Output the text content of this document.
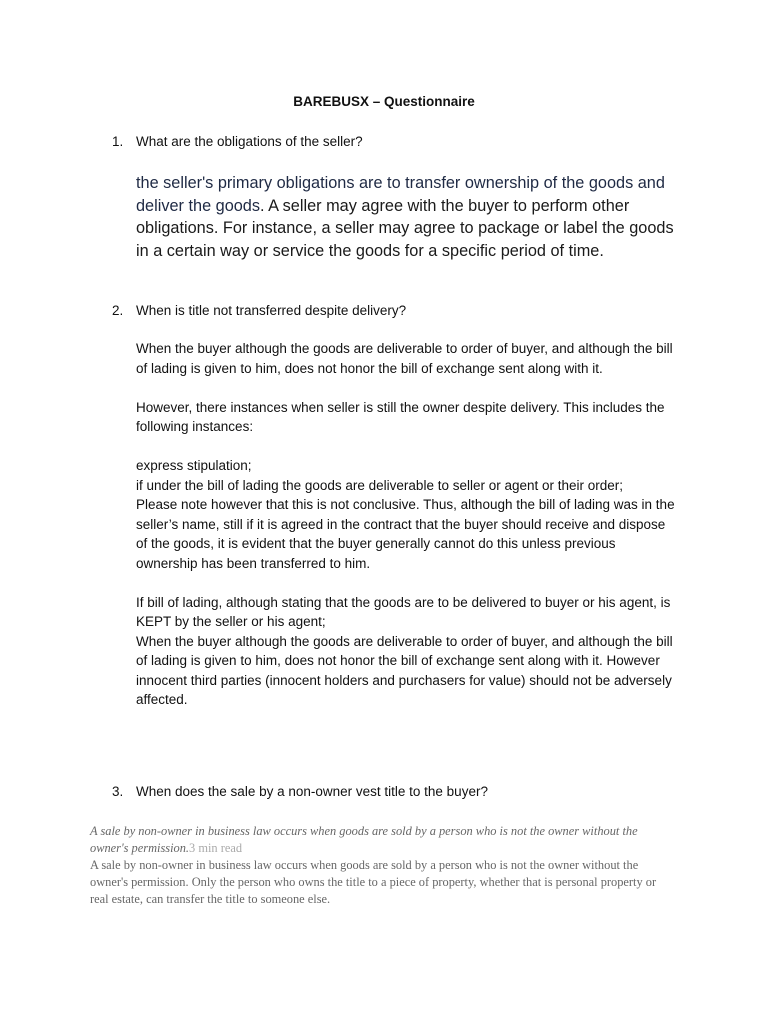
BAREBUSX – Questionnaire
1. What are the obligations of the seller?
the seller's primary obligations are to transfer ownership of the goods and deliver the goods. A seller may agree with the buyer to perform other obligations. For instance, a seller may agree to package or label the goods in a certain way or service the goods for a specific period of time.
2. When is title not transferred despite delivery?

When the buyer although the goods are deliverable to order of buyer, and although the bill of lading is given to him, does not honor the bill of exchange sent along with it.

However, there instances when seller is still the owner despite delivery. This includes the following instances:

express stipulation;

if under the bill of lading the goods are deliverable to seller or agent or their order;

Please note however that this is not conclusive. Thus, although the bill of lading was in the seller’s name, still if it is agreed in the contract that the buyer should receive and dispose of the goods, it is evident that the buyer generally cannot do this unless previous ownership has been transferred to him.

If bill of lading, although stating that the goods are to be delivered to buyer or his agent, is KEPT by the seller or his agent;

When the buyer although the goods are deliverable to order of buyer, and although the bill of lading is given to him, does not honor the bill of exchange sent along with it. However innocent third parties (innocent holders and purchasers for value) should not be adversely affected.

3. When does the sale by a non-owner vest title to the buyer?
A sale by non-owner in business law occurs when goods are sold by a person who is not the owner without the owner's permission.3 min read
A sale by non-owner in business law occurs when goods are sold by a person who is not the owner without the owner's permission. Only the person who owns the title to a piece of property, whether that is personal property or real estate, can transfer the title to someone else.
